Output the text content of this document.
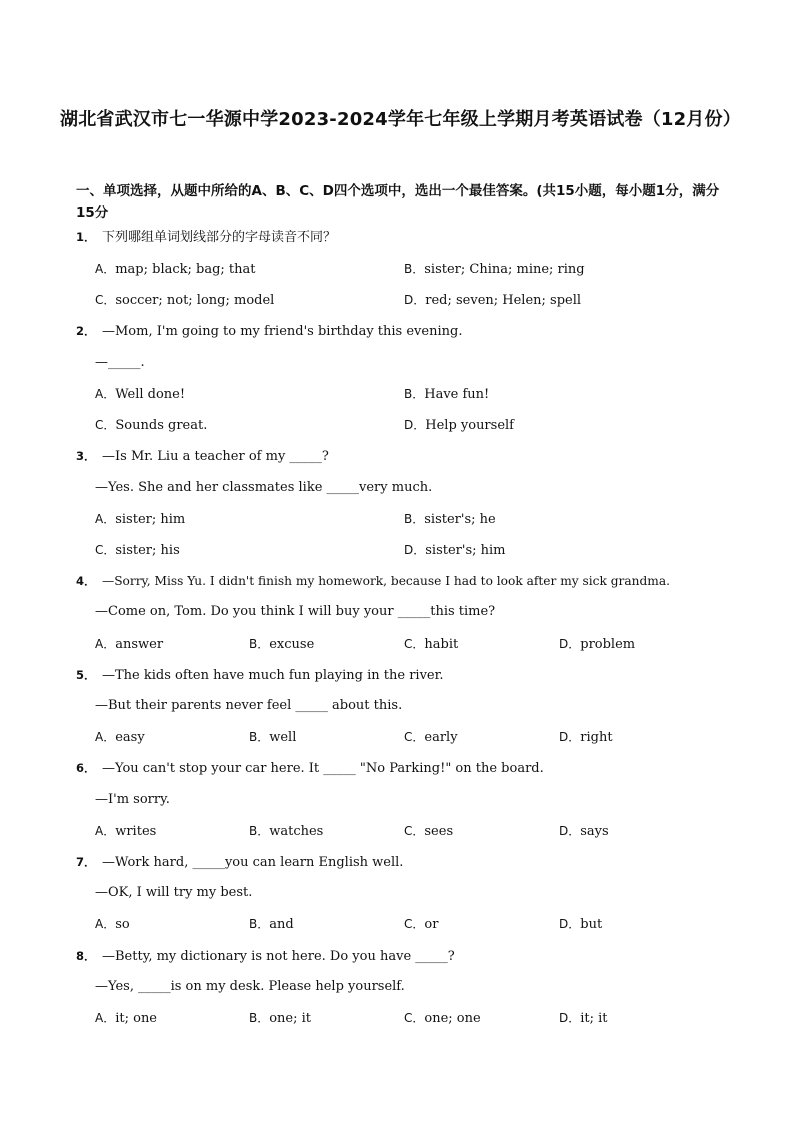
湖北省武汉市七一华源中学2023-2024学年七年级上学期月考英语试卷（12月份）
一、单项选择，从题中所给的A、B、C、D四个选项中，选出一个最佳答案。(共15小题，每小题1分，满分15分
1． 下列哪组单词划线部分的字母读音不同？
A．map; black; bag; that	B．sister; China; mine; ring
C．soccer; not; long; model	D．red; seven; Helen; spell
2． —Mom, I'm going to my friend's birthday this evening.
—_____.
A．Well done!	B．Have fun!
C．Sounds great.	D．Help yourself
3． —Is Mr. Liu a teacher of my _____?
—Yes. She and her classmates like _____very much.
A．sister; him	B．sister's; he
C．sister; his	D．sister's; him
4． —Sorry, Miss Yu. I didn't finish my homework, because I had to look after my sick grandma.
—Come on, Tom. Do you think I will buy your _____this time?
A．answer	B．excuse	C．habit	D．problem
5． —The kids often have much fun playing in the river.
—But their parents never feel _____ about this.
A．easy	B．well	C．early	D．right
6． —You can't stop your car here. It _____ "No Parking!" on the board.
—I'm sorry.
A．writes	B．watches	C．sees	D．says
7． —Work hard, _____you can learn English well.
—OK, I will try my best.
A．so	B．and	C．or	D．but
8． —Betty, my dictionary is not here. Do you have _____?
—Yes, _____is on my desk. Please help yourself.
A．it; one	B．one; it	C．one; one	D．it; it
